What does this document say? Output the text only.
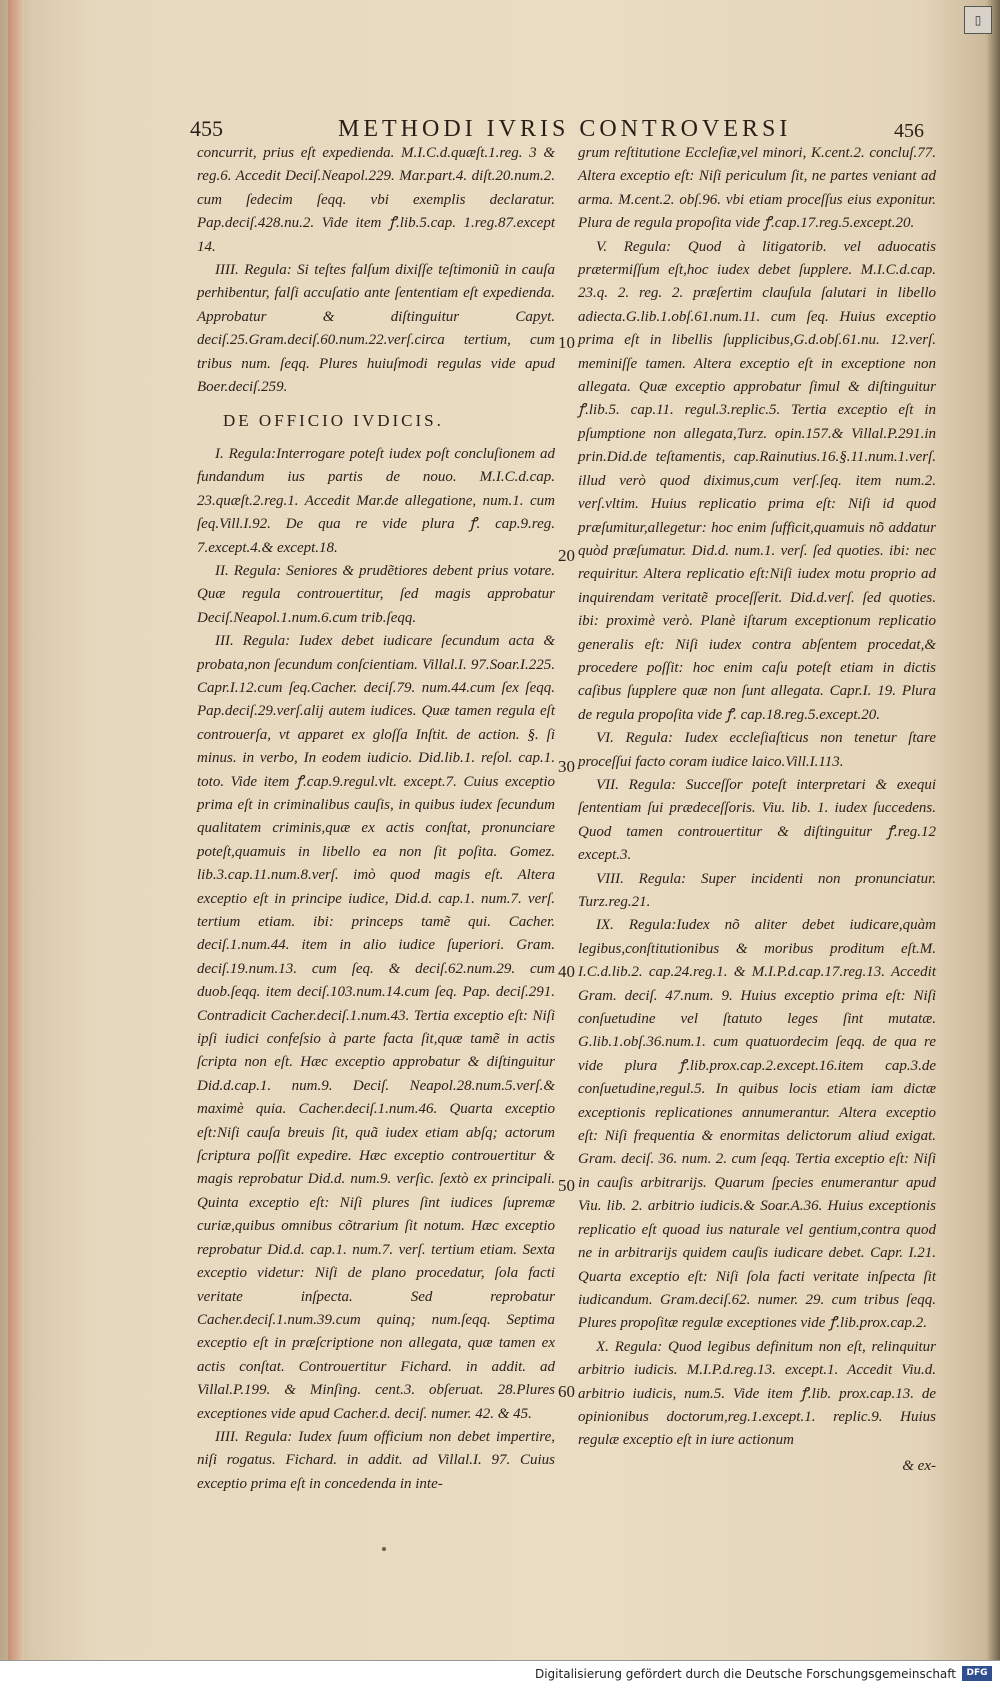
▯
455	METHODI IVRIS CONTROVERSI	456

concurrit, prius eſt expedienda. M.I.C.d.quæſt.1.reg. 3 & reg.6. Accedit Deciſ.Neapol.229. Mar.part.4. diſt.20.num.2. cum ſedecim ſeqq. vbi exemplis declaratur. Pap.deciſ.428.nu.2. Vide item ꝭ.lib.5.cap. 1.reg.87.except 14.

IIII. Regula: Si teſtes falſum dixiſſe teſtimoniũ in cauſa perhibentur, falſi accuſatio ante ſententiam eſt expedienda. Approbatur & diſtinguitur Capyt. deciſ.25.Gram.deciſ.60.num.22.verſ.circa tertium, cum tribus num. ſeqq. Plures huiuſmodi regulas vide apud Boer.deciſ.259.

DE OFFICIO IVDICIS.

I. Regula:Interrogare poteſt iudex poſt concluſionem ad fundandum ius partis de nouo. M.I.C.d.cap. 23.quæſt.2.reg.1. Accedit Mar.de allegatione, num.1. cum ſeq.Vill.I.92. De qua re vide plura ꝭ. cap.9.reg. 7.except.4.& except.18.

II. Regula: Seniores & prudẽtiores debent prius votare. Quæ regula controuertitur, ſed magis approbatur Deciſ.Neapol.1.num.6.cum trib.ſeqq.

III. Regula: Iudex debet iudicare ſecundum acta & probata,non ſecundum conſcientiam. Villal.I. 97.Soar.I.225. Capr.I.12.cum ſeq.Cacher. deciſ.79. num.44.cum ſex ſeqq. Pap.deciſ.29.verſ.alij autem iudices. Quæ tamen regula eſt controuerſa, vt apparet ex gloſſa Inſtit. de action. §. ſi minus. in verbo, In eodem iudicio. Did.lib.1. reſol. cap.1. toto. Vide item ꝭ.cap.9.regul.vlt. except.7. Cuius exceptio prima eſt in criminalibus cauſis, in quibus iudex ſecundum qualitatem criminis,quæ ex actis conſtat, pronunciare poteſt,quamuis in libello ea non ſit poſita. Gomez. lib.3.cap.11.num.8.verſ. imò quod magis eſt. Altera exceptio eſt in principe iudice, Did.d. cap.1. num.7. verſ. tertium etiam. ibi: princeps tamẽ qui. Cacher. deciſ.1.num.44. item in alio iudice ſuperiori. Gram. deciſ.19.num.13. cum ſeq. & deciſ.62.num.29. cum duob.ſeqq. item deciſ.103.num.14.cum ſeq. Pap. deciſ.291. Contradicit Cacher.deciſ.1.num.43. Tertia exceptio eſt: Niſi ipſi iudici confeſsio à parte facta ſit,quæ tamẽ in actis ſcripta non eſt. Hæc exceptio approbatur & diſtinguitur Did.d.cap.1. num.9. Deciſ. Neapol.28.num.5.verſ.& maximè quia. Cacher.deciſ.1.num.46. Quarta exceptio eſt:Niſi cauſa breuis ſit, quã iudex etiam abſq; actorum ſcriptura poſſit expedire. Hæc exceptio controuertitur & magis reprobatur Did.d. num.9. verſic. ſextò ex principali. Quinta exceptio eſt: Niſi plures ſint iudices ſupremæ curiæ,quibus omnibus cõtrarium ſit notum. Hæc exceptio reprobatur Did.d. cap.1. num.7. verſ. tertium etiam. Sexta exceptio videtur: Niſi de plano procedatur, ſola facti veritate inſpecta. Sed reprobatur Cacher.deciſ.1.num.39.cum quinq; num.ſeqq. Septima exceptio eſt in præſcriptione non allegata, quæ tamen ex actis conſtat. Controuertitur Fichard. in addit. ad Villal.P.199. & Minſing. cent.3. obſeruat. 28.Plures exceptiones vide apud Cacher.d. deciſ. numer. 42. & 45.

IIII. Regula: Iudex ſuum officium non debet impertire, niſi rogatus. Fichard. in addit. ad Villal.I. 97. Cuius exceptio prima eſt in concedenda in inte-

grum reſtitutione Eccleſiæ,vel minori, K.cent.2. concluſ.77. Altera exceptio eſt: Niſi periculum ſit, ne partes veniant ad arma. M.cent.2. obſ.96. vbi etiam proceſſus eius exponitur. Plura de regula propoſita vide ꝭ.cap.17.reg.5.except.20.

V. Regula: Quod à litigatorib. vel aduocatis prætermiſſum eſt,hoc iudex debet ſupplere. M.I.C.d.cap. 23.q. 2. reg. 2. præſertim clauſula ſalutari in libello adiecta.G.lib.1.obſ.61.num.11. cum ſeq. Huius exceptio prima eſt in libellis ſupplicibus,G.d.obſ.61.nu. 12.verſ. meminiſſe tamen. Altera exceptio eſt in exceptione non allegata. Quæ exceptio approbatur ſimul & diſtinguitur ꝭ.lib.5. cap.11. regul.3.replic.5. Tertia exceptio eſt in pſumptione non allegata,Turz. opin.157.& Villal.P.291.in prin.Did.de teſtamentis, cap.Rainutius.16.§.11.num.1.verſ. illud verò quod diximus,cum verſ.ſeq. item num.2. verſ.vltim. Huius replicatio prima eſt: Niſi id quod præſumitur,allegetur: hoc enim ſufficit,quamuis nõ addatur quòd præſumatur. Did.d. num.1. verſ. ſed quoties. ibi: nec requiritur. Altera replicatio eſt:Niſi iudex motu proprio ad inquirendam veritatẽ proceſſerit. Did.d.verſ. ſed quoties. ibi: proximè verò. Planè iſtarum exceptionum replicatio generalis eſt: Niſi iudex contra abſentem procedat,& procedere poſſit: hoc enim caſu poteſt etiam in dictis caſibus ſupplere quæ non ſunt allegata. Capr.I. 19. Plura de regula propoſita vide ꝭ. cap.18.reg.5.except.20.

VI. Regula: Iudex eccleſiaſticus non tenetur ſtare proceſſui facto coram iudice laico.Vill.I.113.

VII. Regula: Succeſſor poteſt interpretari & exequi ſententiam ſui prædeceſſoris. Viu. lib. 1. iudex ſuccedens. Quod tamen controuertitur & diſtinguitur ꝭ.reg.12 except.3.

VIII. Regula: Super incidenti non pronunciatur. Turz.reg.21.

IX. Regula:Iudex nõ aliter debet iudicare,quàm legibus,conſtitutionibus & moribus proditum eſt.M. I.C.d.lib.2. cap.24.reg.1. & M.I.P.d.cap.17.reg.13. Accedit Gram. deciſ. 47.num. 9. Huius exceptio prima eſt: Niſi conſuetudine vel ſtatuto leges ſint mutatæ. G.lib.1.obſ.36.num.1. cum quatuordecim ſeqq. de qua re vide plura ꝭ.lib.prox.cap.2.except.16.item cap.3.de conſuetudine,regul.5. In quibus locis etiam iam dictæ exceptionis replicationes annumerantur. Altera exceptio eſt: Niſi frequentia & enormitas delictorum aliud exigat. Gram. deciſ. 36. num. 2. cum ſeqq. Tertia exceptio eſt: Niſi in cauſis arbitrarijs. Quarum ſpecies enumerantur apud Viu. lib. 2. arbitrio iudicis.& Soar.A.36. Huius exceptionis replicatio eſt quoad ius naturale vel gentium,contra quod ne in arbitrarijs quidem cauſis iudicare debet. Capr. I.21. Quarta exceptio eſt: Niſi ſola facti veritate inſpecta ſit iudicandum. Gram.deciſ.62. numer. 29. cum tribus ſeqq. Plures propoſitæ regulæ exceptiones vide ꝭ.lib.prox.cap.2.

X. Regula: Quod legibus definitum non eſt, relinquitur arbitrio iudicis. M.I.P.d.reg.13. except.1. Accedit Viu.d. arbitrio iudicis, num.5. Vide item ꝭ.lib. prox.cap.13. de opinionibus doctorum,reg.1.except.1. replic.9. Huius regulæ exceptio eſt in iure actionum

& ex-
10
20
30
40
50
60
Digitalisierung gefördert durch die Deutsche Forschungsgemeinschaft	DFG
